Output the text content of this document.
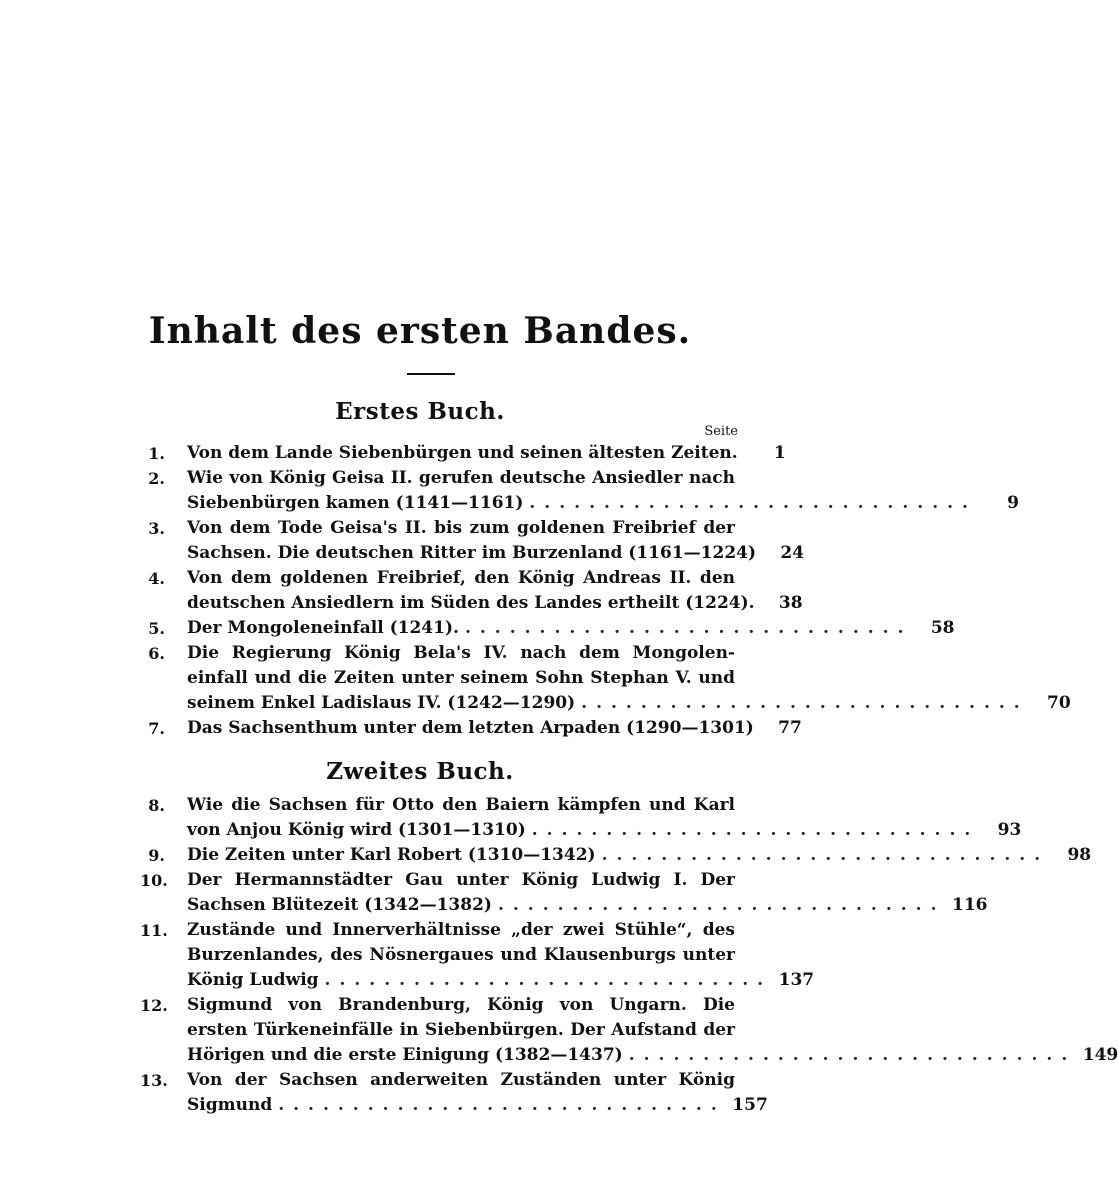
Inhalt des ersten Bandes.
Erstes Buch.
Seite
Zweites Buch.
1. Von dem Lande Siebenbürgen und seinen ältesten Zeiten.	1
2. Wie von König Geisa II. gerufen deutsche Ansiedler nach
Siebenbürgen kamen (1141—1161) ..............................	9
3. Von dem Tode Geisa's II. bis zum goldenen Freibrief der
Sachsen. Die deutschen Ritter im Burzenland (1161—1224)	24
4. Von dem goldenen Freibrief, den König Andreas II. den
deutschen Ansiedlern im Süden des Landes ertheilt (1224).	38
5. Der Mongoleneinfall (1241). ..............................	58
6. Die Regierung König Bela's IV. nach dem Mongolen-
einfall und die Zeiten unter seinem Sohn Stephan V. und
seinem Enkel Ladislaus IV. (1242—1290) ..............................	70
7. Das Sachsenthum unter dem letzten Arpaden (1290—1301)	77
8. Wie die Sachsen für Otto den Baiern kämpfen und Karl
von Anjou König wird (1301—1310) ..............................	93
9. Die Zeiten unter Karl Robert (1310—1342) ..............................	98
10. Der Hermannstädter Gau unter König Ludwig I. Der
Sachsen Blütezeit (1342—1382) .............................. 116
11. Zustände und Innerverhältnisse „der zwei Stühle“, des
Burzenlandes, des Nösnergaues und Klausenburgs unter
König Ludwig .............................. 137
12. Sigmund von Brandenburg, König von Ungarn. Die
ersten Türkeneinfälle in Siebenbürgen. Der Aufstand der
Hörigen und die erste Einigung (1382—1437) .............................. 149
13. Von der Sachsen anderweiten Zuständen unter König
Sigmund .............................. 157
